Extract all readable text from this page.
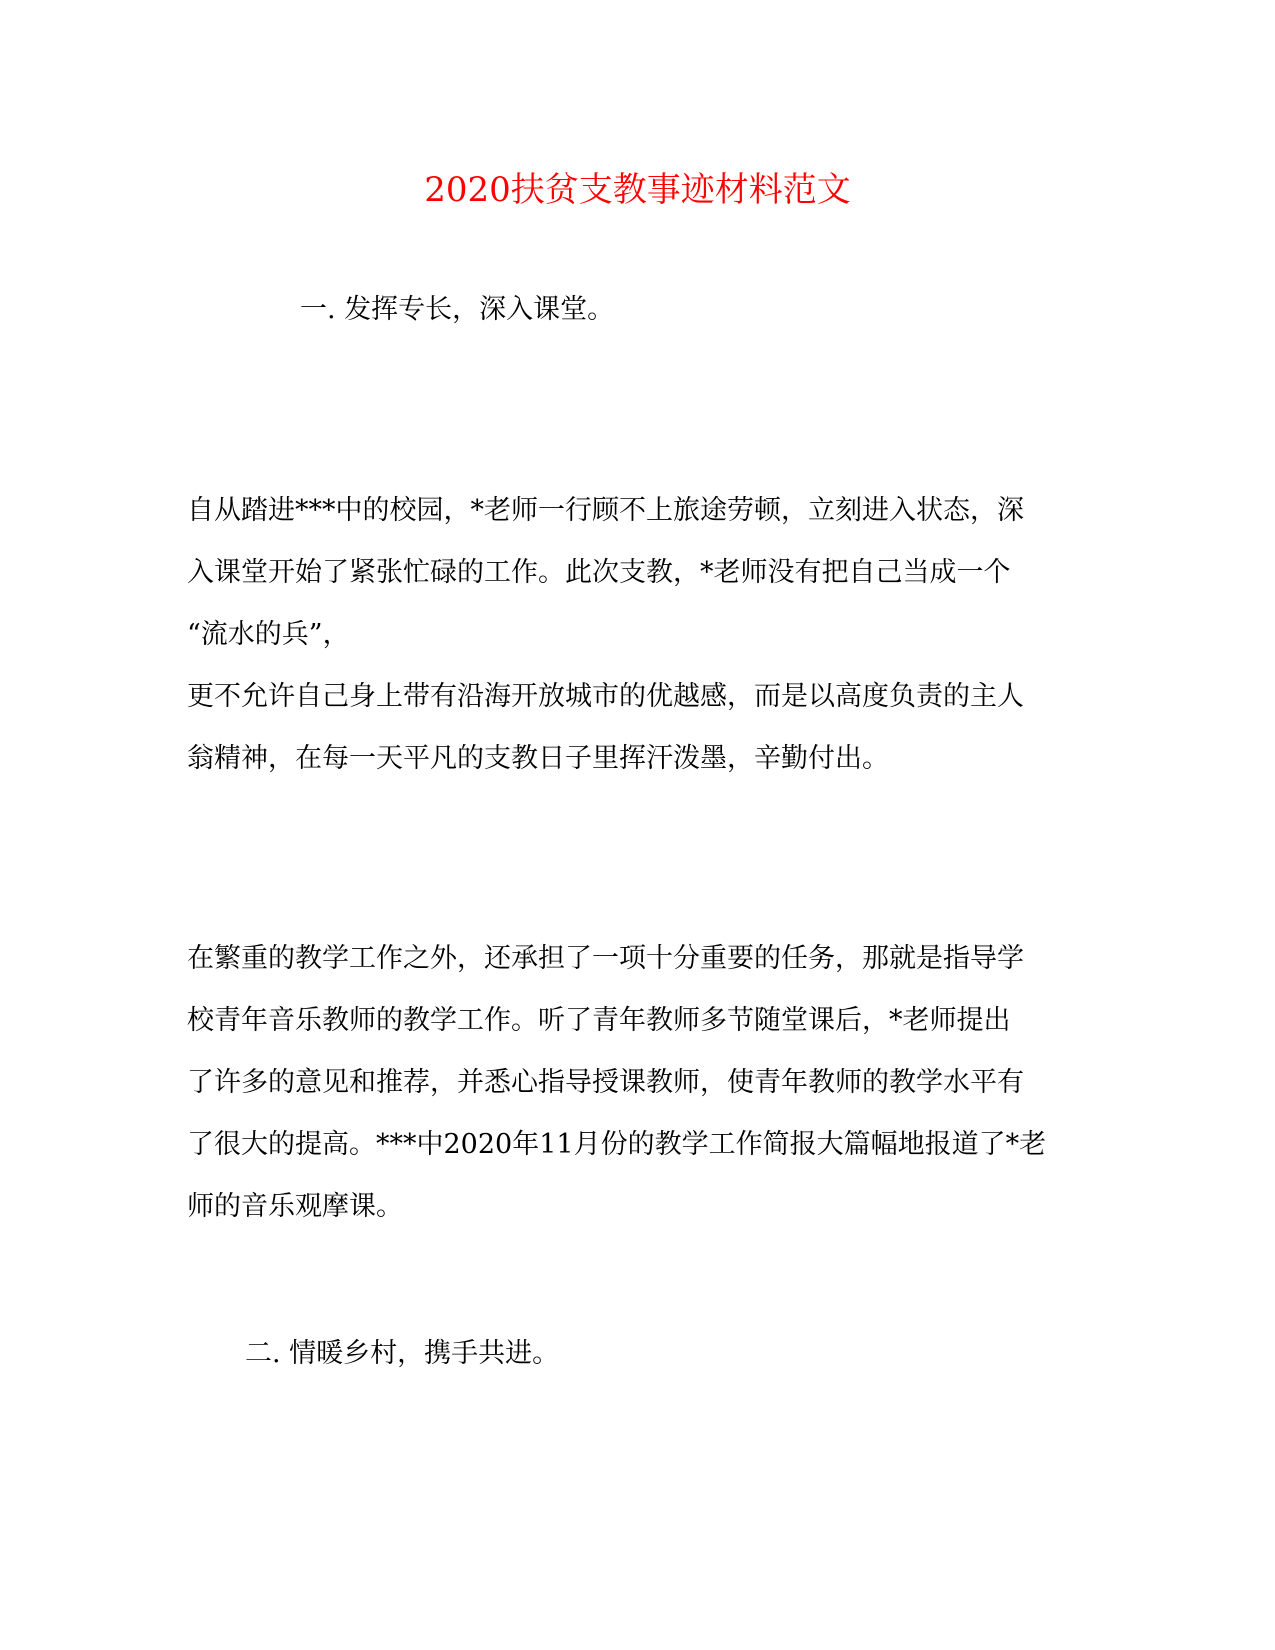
2020扶贫支教事迹材料范文

一. 发挥专长，深入课堂。

自从踏进***中的校园，*老师一行顾不上旅途劳顿，立刻进入状态，深
入课堂开始了紧张忙碌的工作。此次支教，*老师没有把自己当成一个
“流水的兵”，
更不允许自己身上带有沿海开放城市的优越感，而是以高度负责的主人
翁精神，在每一天平凡的支教日子里挥汗泼墨，辛勤付出。
在繁重的教学工作之外，还承担了一项十分重要的任务，那就是指导学
校青年音乐教师的教学工作。听了青年教师多节随堂课后，*老师提出
了许多的意见和推荐，并悉心指导授课教师，使青年教师的教学水平有
了很大的提高。***中2020年11月份的教学工作简报大篇幅地报道了*老
师的音乐观摩课。

二. 情暖乡村，携手共进。
